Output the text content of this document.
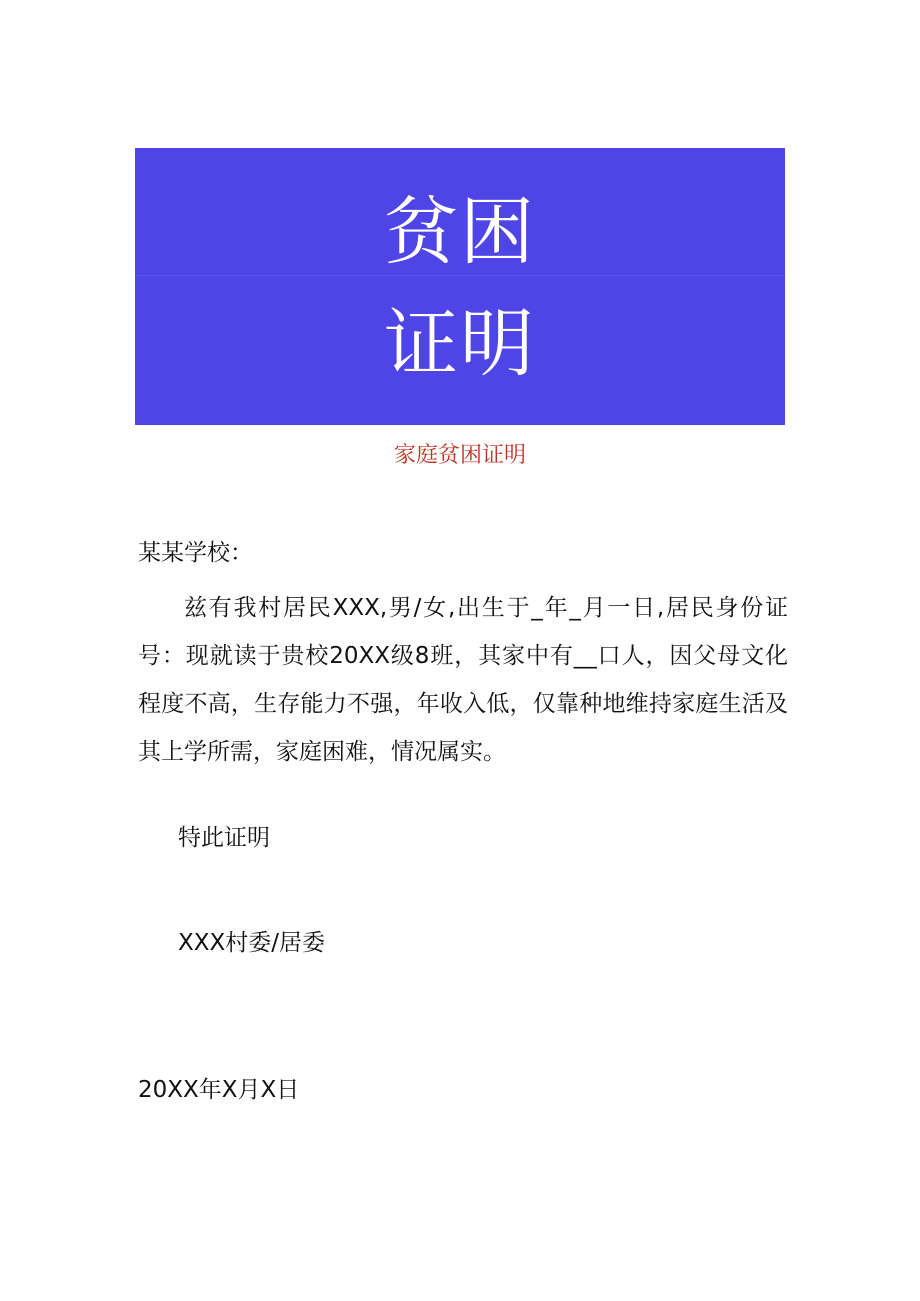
贫困
证明
家庭贫困证明
某某学校：

兹有我村居民XXX,男/女,出生于_年_月一日,居民身份证号：现就读于贵校20XX级8班，其家中有__口人，因父母文化程度不高，生存能力不强，年收入低，仅靠种地维持家庭生活及其上学所需，家庭困难，情况属实。

特此证明
XXX村委/居委
20XX年X月X日
